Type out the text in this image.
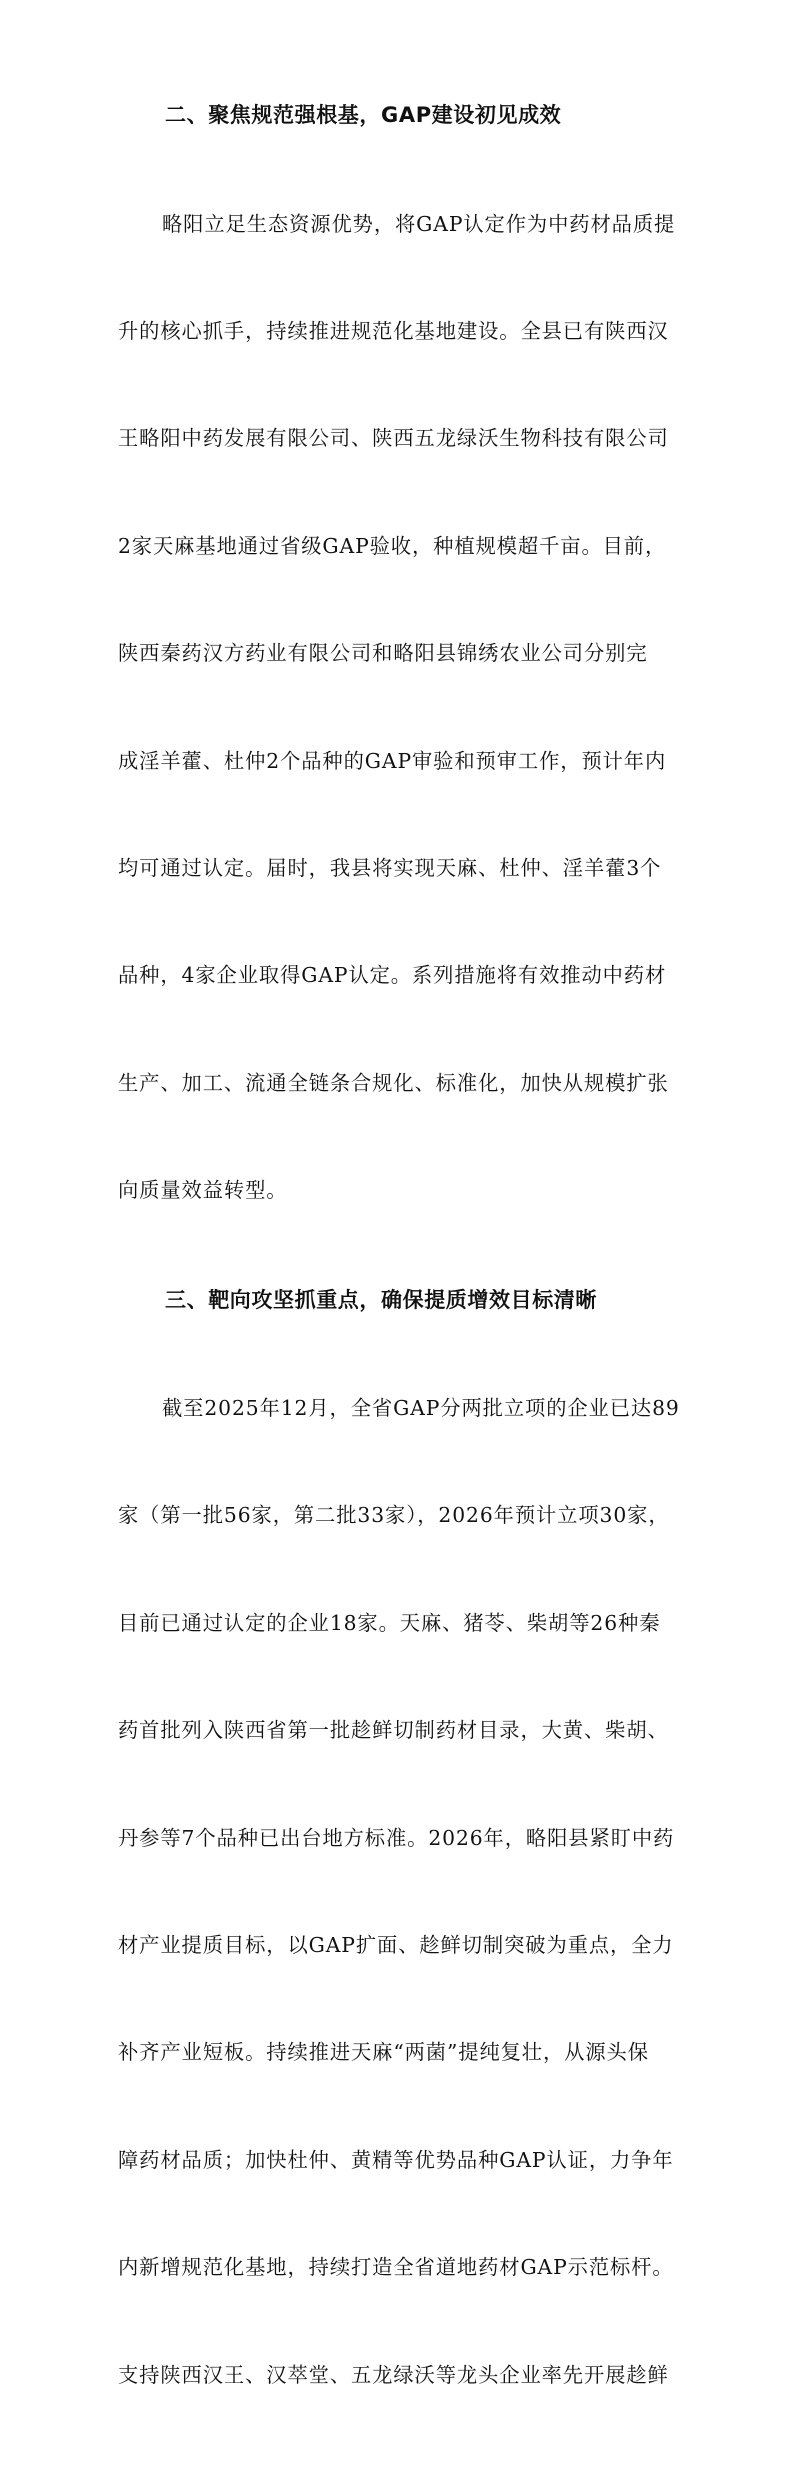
二、聚焦规范强根基，GAP建设初见成效

略阳立足生态资源优势，将GAP认定作为中药材品质提

升的核心抓手，持续推进规范化基地建设。全县已有陕西汉

王略阳中药发展有限公司、陕西五龙绿沃生物科技有限公司

2家天麻基地通过省级GAP验收，种植规模超千亩。目前，

陕西秦药汉方药业有限公司和略阳县锦绣农业公司分别完

成淫羊藿、杜仲2个品种的GAP审验和预审工作，预计年内

均可通过认定。届时，我县将实现天麻、杜仲、淫羊藿3个

品种，4家企业取得GAP认定。系列措施将有效推动中药材

生产、加工、流通全链条合规化、标准化，加快从规模扩张

向质量效益转型。

三、靶向攻坚抓重点，确保提质增效目标清晰

截至2025年12月，全省GAP分两批立项的企业已达89

家（第一批56家，第二批33家），2026年预计立项30家，

目前已通过认定的企业18家。天麻、猪苓、柴胡等26种秦

药首批列入陕西省第一批趁鲜切制药材目录，大黄、柴胡、

丹参等7个品种已出台地方标准。2026年，略阳县紧盯中药

材产业提质目标，以GAP扩面、趁鲜切制突破为重点，全力

补齐产业短板。持续推进天麻“两菌”提纯复壮，从源头保

障药材品质；加快杜仲、黄精等优势品种GAP认证，力争年

内新增规范化基地，持续打造全省道地药材GAP示范标杆。

支持陕西汉王、汉萃堂、五龙绿沃等龙头企业率先开展趁鲜
